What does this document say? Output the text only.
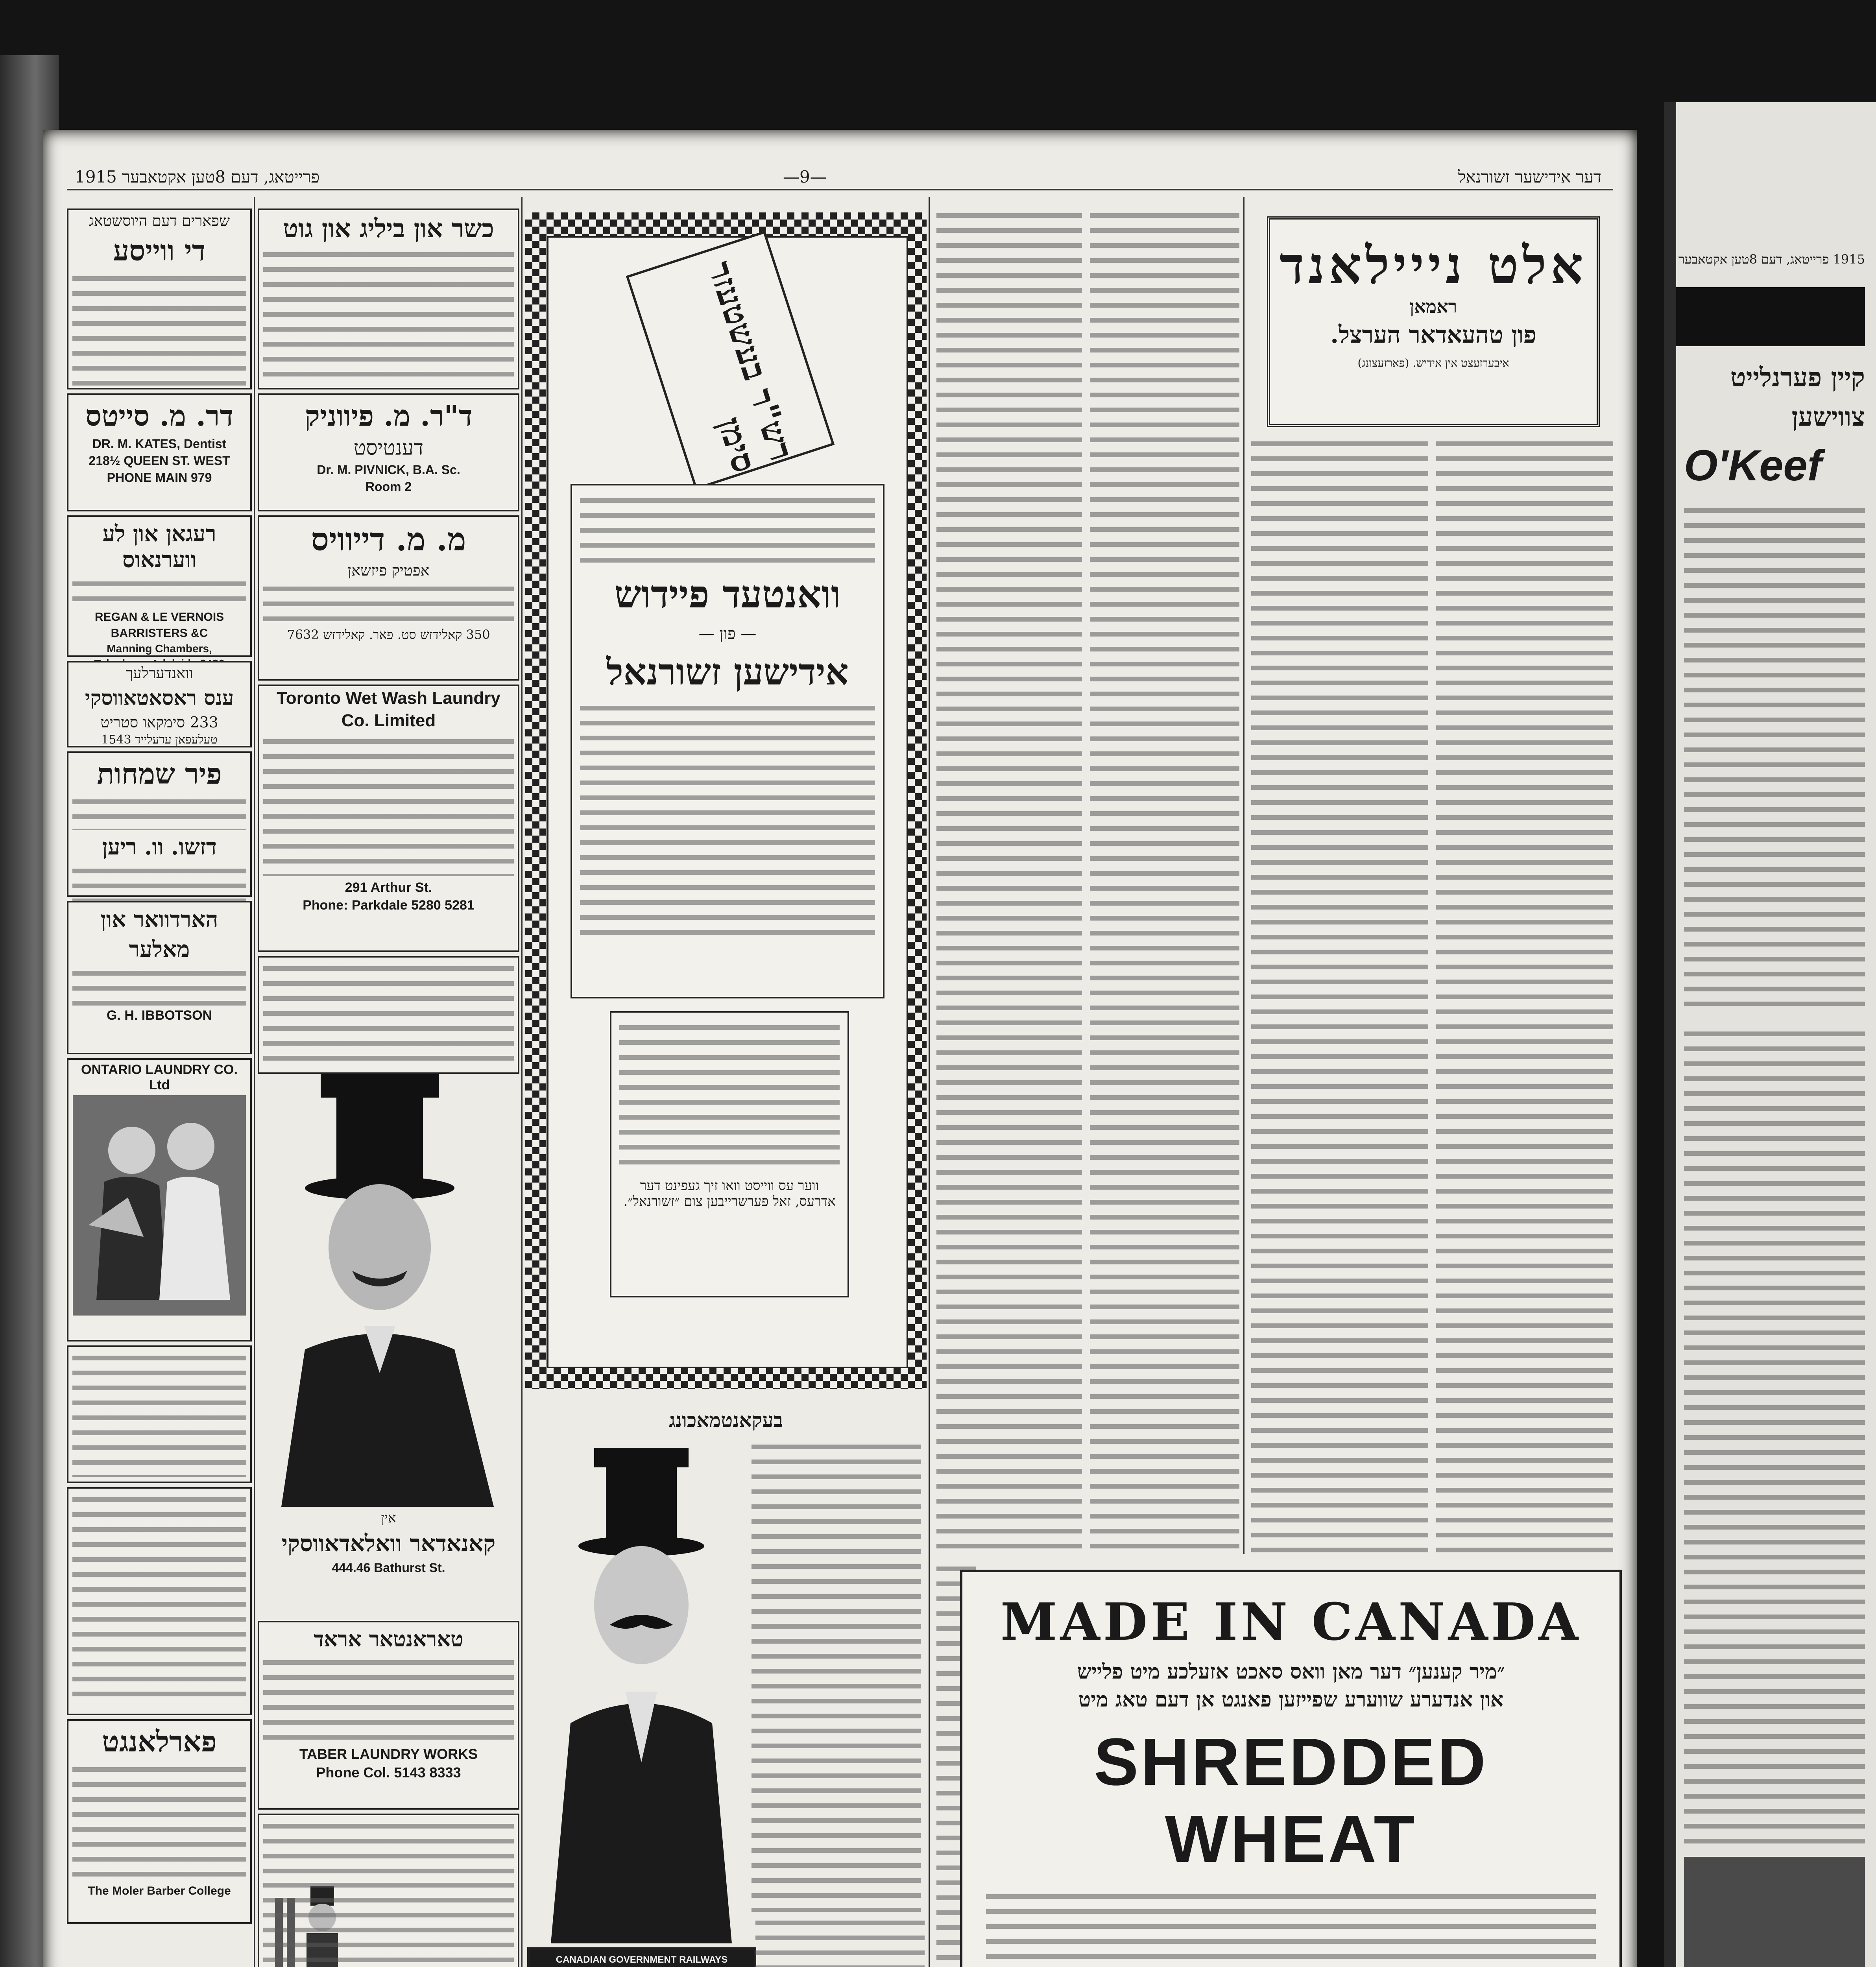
דער אידישער זשורנאל
—9—
פרייטאג, דעם 8טען אקטאבער 1915

שפארים דעם היוסשטאג

די ווייסע
דר. מ. סייטס

DR. M. KATES, Dentist

218½ QUEEN ST. WEST

PHONE MAIN 979

רעגאן און לע ווערנאוס

REGAN & LE VERNOIS

BARRISTERS &C

Manning Chambers,

וואנדערלעך

ענס ראסאטאווסקי

233 סימקאו סטריט

טעלעפאן עדעלייד 1543

פיר שמחות
דזשו. וו. ריען
הארדוואר און
מאלער

G. H. IBBOTSON

ONTARIO LAUNDRY CO. Ltd

פארלאנגט

The Moler Barber College

כשר און ביליג און גוט
ד"ר. מ. פיווניק

דענטיסט

Dr. M. PIVNICK, B.A. Sc.

Room 2

מ. מ. דייוויס

אפטיק פיזשאן

350 קאלידזש סט. פאר. קאלידזש 7632

Toronto Wet Wash Laundry

Co. Limited

291 Arthur St.

Phone: Parkdale 5280 5281

אין

קאנאדאר וואלאדאווסקי

444.46 Bathurst St.

טאראנטאר אראד

TABER LAUNDRY WORKS

Phone Col. 5143 8333

רש"ר בעשטעזר סימן
וואנטעד פיידוש
— פון —
אידישען זשורנאל
ווער עס ווייסט וואו זיך געפינט דער אדרעס, זאל פערשרייבען צום ״זשורנאל״.
בעקאנטמאכונג

CANADIAN GOVERNMENT RAILWAYS

אלט נייילאנד
ראמאן
פון טהעאדאר הערצל.
איבערזעצט אין אידיש. (פארזעצונג)
MADE IN CANADA
״מיר קענען״ דער מאן וואס סאכט אזעלכע מיט פלייש
און אנדערע שווערע שפייזען פאנגט אן דעם טאג מיט
SHREDDED WHEAT
1915 פרייטאג, דעם 8טען אקטאבער
קיין פערנלייט
צווישען
O'Keef
